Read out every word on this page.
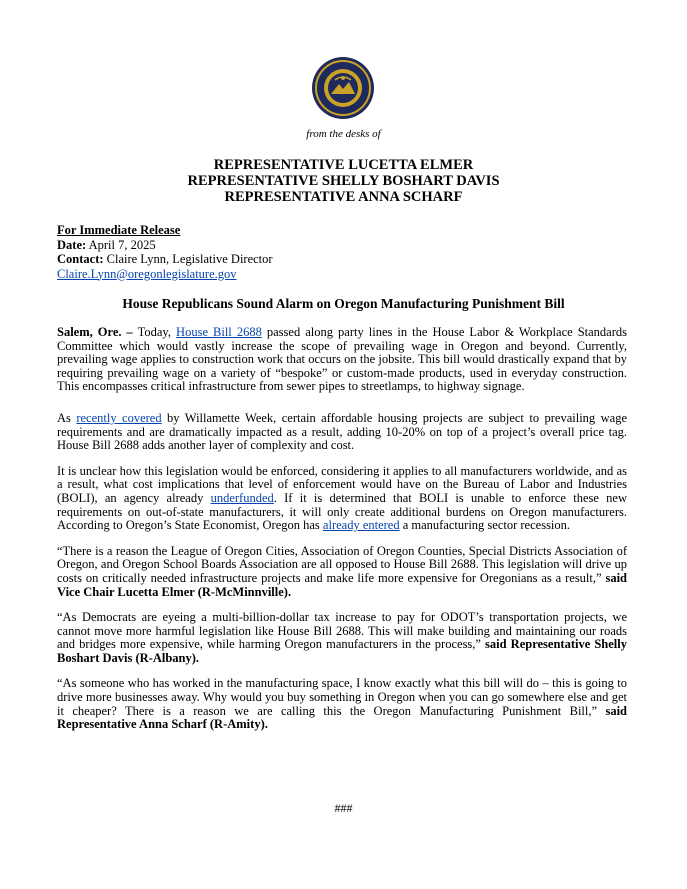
from the desks of
REPRESENTATIVE LUCETTA ELMER
REPRESENTATIVE SHELLY BOSHART DAVIS
REPRESENTATIVE ANNA SCHARF
For Immediate Release
Date: April 7, 2025
Contact: Claire Lynn, Legislative Director
Claire.Lynn@oregonlegislature.gov
House Republicans Sound Alarm on Oregon Manufacturing Punishment Bill

Salem, Ore. – Today, House Bill 2688 passed along party lines in the House Labor & Workplace Standards Committee which would vastly increase the scope of prevailing wage in Oregon and beyond. Currently, prevailing wage applies to construction work that occurs on the jobsite. This bill would drastically expand that by requiring prevailing wage on a variety of “bespoke” or custom-made products, used in everyday construction. This encompasses critical infrastructure from sewer pipes to streetlamps, to highway signage.

As recently covered by Willamette Week, certain affordable housing projects are subject to prevailing wage requirements and are dramatically impacted as a result, adding 10-20% on top of a project’s overall price tag. House Bill 2688 adds another layer of complexity and cost.

It is unclear how this legislation would be enforced, considering it applies to all manufacturers worldwide, and as a result, what cost implications that level of enforcement would have on the Bureau of Labor and Industries (BOLI), an agency already underfunded. If it is determined that BOLI is unable to enforce these new requirements on out-of-state manufacturers, it will only create additional burdens on Oregon manufacturers. According to Oregon’s State Economist, Oregon has already entered a manufacturing sector recession.

“There is a reason the League of Oregon Cities, Association of Oregon Counties, Special Districts Association of Oregon, and Oregon School Boards Association are all opposed to House Bill 2688. This legislation will drive up costs on critically needed infrastructure projects and make life more expensive for Oregonians as a result,” said Vice Chair Lucetta Elmer (R-McMinnville).

“As Democrats are eyeing a multi-billion-dollar tax increase to pay for ODOT’s transportation projects, we cannot move more harmful legislation like House Bill 2688. This will make building and maintaining our roads and bridges more expensive, while harming Oregon manufacturers in the process,” said Representative Shelly Boshart Davis (R-Albany).

“As someone who has worked in the manufacturing space, I know exactly what this bill will do – this is going to drive more businesses away. Why would you buy something in Oregon when you can go somewhere else and get it cheaper? There is a reason we are calling this the Oregon Manufacturing Punishment Bill,” said Representative Anna Scharf (R-Amity).

###
